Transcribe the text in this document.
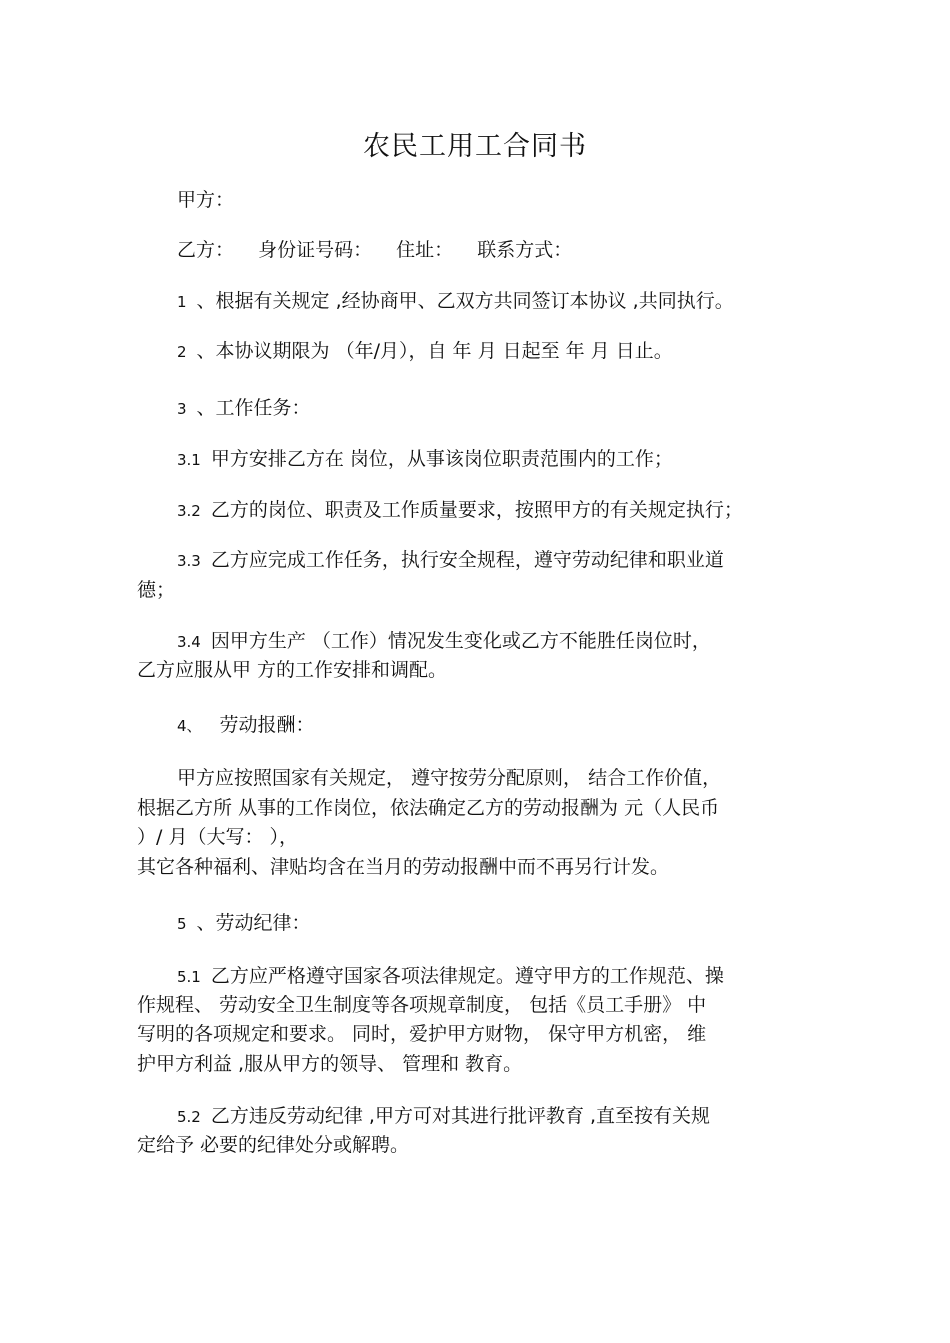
农民工用工合同书
甲方：
乙方： 身份证号码： 住址： 联系方式：
1 、根据有关规定 ,经协商甲、乙双方共同签订本协议 ,共同执行。
2 、本协议期限为 （年/月），自 年 月 日起至 年 月 日止。
3 、工作任务：
3.1 甲方安排乙方在 岗位，从事该岗位职责范围内的工作；
3.2 乙方的岗位、职责及工作质量要求，按照甲方的有关规定执行；
3.3 乙方应完成工作任务，执行安全规程，遵守劳动纪律和职业道
德；
3.4 因甲方生产 （工作）情况发生变化或乙方不能胜任岗位时，
乙方应服从甲 方的工作安排和调配。
4、 劳动报酬：
甲方应按照国家有关规定， 遵守按劳分配原则， 结合工作价值，
根据乙方所 从事的工作岗位，依法确定乙方的劳动报酬为 元（人民币
）/ 月（大写： ），
其它各种福利、津贴均含在当月的劳动报酬中而不再另行计发。
5 、劳动纪律：
5.1 乙方应严格遵守国家各项法律规定。遵守甲方的工作规范、操
作规程、 劳动安全卫生制度等各项规章制度， 包括《员工手册》 中
写明的各项规定和要求。 同时，爱护甲方财物， 保守甲方机密， 维
护甲方利益 ,服从甲方的领导、 管理和 教育。
5.2 乙方违反劳动纪律 ,甲方可对其进行批评教育 ,直至按有关规
定给予 必要的纪律处分或解聘。
